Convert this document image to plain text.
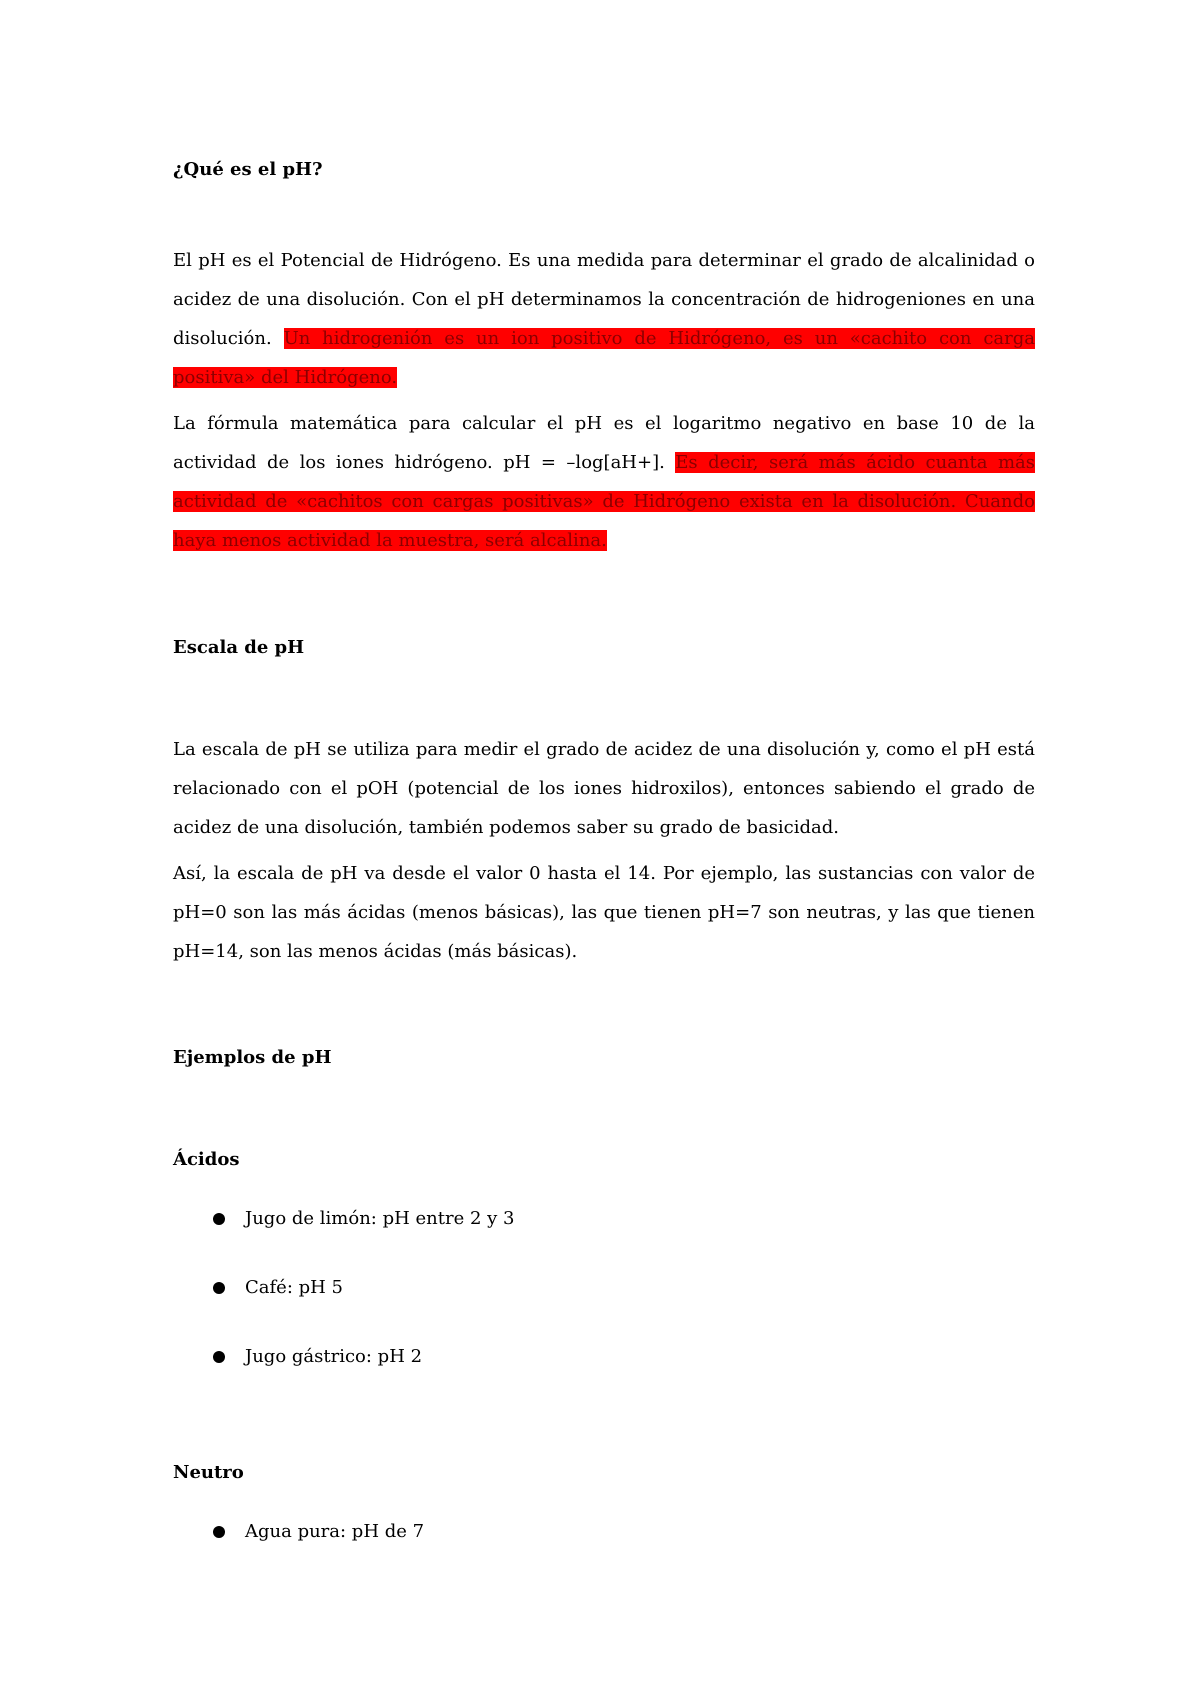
¿Qué es el pH?

El pH es el Potencial de Hidrógeno. Es una medida para determinar el grado de alcalinidad o acidez de una disolución. Con el pH determinamos la concentración de hidrogeniones en una disolución. Un hidrogenión es un ion positivo de Hidrógeno, es un «cachito con carga positiva» del Hidrógeno.

La fórmula matemática para calcular el pH es el logaritmo negativo en base 10 de la actividad de los iones hidrógeno. pH = –log[aH+]. Es decir, será más ácido cuanta más actividad de «cachitos con cargas positivas» de Hidrógeno exista en la disolución. Cuando haya menos actividad la muestra, será alcalina.

Escala de pH

La escala de pH se utiliza para medir el grado de acidez de una disolución y, como el pH está relacionado con el pOH (potencial de los iones hidroxilos), entonces sabiendo el grado de acidez de una disolución, también podemos saber su grado de basicidad.

Así, la escala de pH va desde el valor 0 hasta el 14. Por ejemplo, las sustancias con valor de pH=0 son las más ácidas (menos básicas), las que tienen pH=7 son neutras, y las que tienen pH=14, son las menos ácidas (más básicas).

Ejemplos de pH
Ácidos
Jugo de limón: pH entre 2 y 3
Café: pH 5
Jugo gástrico: pH 2
Neutro
Agua pura: pH de 7
